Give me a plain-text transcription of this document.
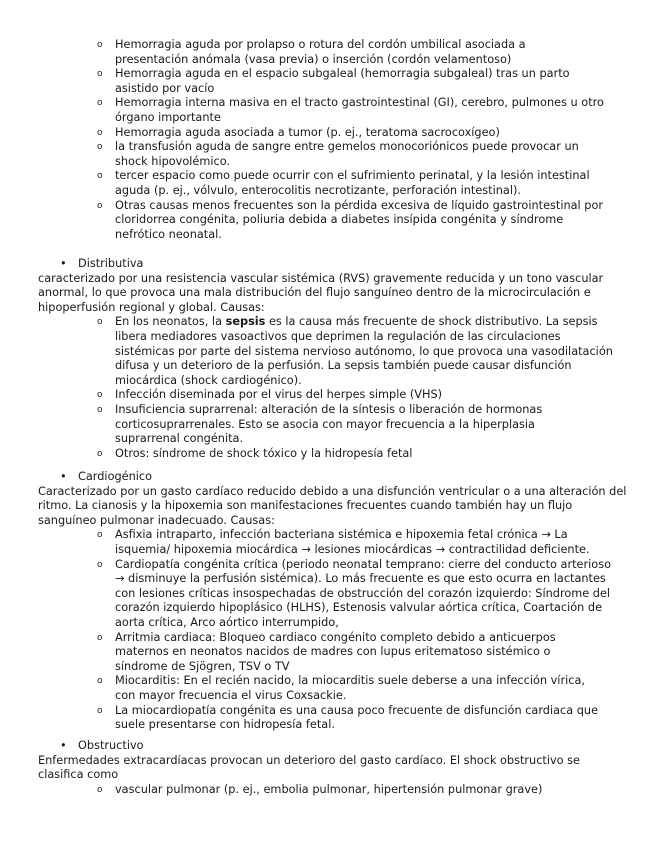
o Hemorragia aguda por prolapso o rotura del cordón umbilical asociada a presentación anómala (vasa previa) o inserción (cordón velamentoso)
o Hemorragia aguda en el espacio subgaleal (hemorragia subgaleal) tras un parto asistido por vacío
o Hemorragia interna masiva en el tracto gastrointestinal (GI), cerebro, pulmones u otro órgano importante
o Hemorragia aguda asociada a tumor (p. ej., teratoma sacrocoxígeo)
o la transfusión aguda de sangre entre gemelos monocoriónicos puede provocar un shock hipovolémico.
o tercer espacio como puede ocurrir con el sufrimiento perinatal, y la lesión intestinal aguda (p. ej., vólvulo, enterocolitis necrotizante, perforación intestinal).
o Otras causas menos frecuentes son la pérdida excesiva de líquido gastrointestinal por cloridorrea congénita, poliuria debida a diabetes insípida congénita y síndrome nefrótico neonatal.
• Distributiva
caracterizado por una resistencia vascular sistémica (RVS) gravemente reducida y un tono vascular anormal, lo que provoca una mala distribución del flujo sanguíneo dentro de la microcirculación e hipoperfusión regional y global. Causas:
o En los neonatos, la sepsis es la causa más frecuente de shock distributivo. La sepsis libera mediadores vasoactivos que deprimen la regulación de las circulaciones sistémicas por parte del sistema nervioso autónomo, lo que provoca una vasodilatación difusa y un deterioro de la perfusión. La sepsis también puede causar disfunción miocárdica (shock cardiogénico).
o Infección diseminada por el virus del herpes simple (VHS)
o Insuficiencia suprarrenal: alteración de la síntesis o liberación de hormonas corticosuprarrenales. Esto se asocia con mayor frecuencia a la hiperplasia suprarrenal congénita.
o Otros: síndrome de shock tóxico y la hidropesía fetal
• Cardiogénico
Caracterizado por un gasto cardíaco reducido debido a una disfunción ventricular o a una alteración del ritmo. La cianosis y la hipoxemia son manifestaciones frecuentes cuando también hay un flujo sanguíneo pulmonar inadecuado. Causas:
o Asfixia intraparto, infección bacteriana sistémica e hipoxemia fetal crónica → La isquemia/ hipoxemia miocárdica → lesiones miocárdicas → contractilidad deficiente.
o Cardiopatía congénita crítica (periodo neonatal temprano: cierre del conducto arterioso → disminuye la perfusión sistémica). Lo más frecuente es que esto ocurra en lactantes con lesiones críticas insospechadas de obstrucción del corazón izquierdo: Síndrome del corazón izquierdo hipoplásico (HLHS), Estenosis valvular aórtica crítica, Coartación de aorta crítica, Arco aórtico interrumpido,
o Arritmia cardiaca: Bloqueo cardiaco congénito completo debido a anticuerpos maternos en neonatos nacidos de madres con lupus eritematoso sistémico o síndrome de Sjögren, TSV o TV
o Miocarditis: En el recién nacido, la miocarditis suele deberse a una infección vírica, con mayor frecuencia el virus Coxsackie.
o La miocardiopatía congénita es una causa poco frecuente de disfunción cardiaca que suele presentarse con hidropesía fetal.
• Obstructivo
Enfermedades extracardíacas provocan un deterioro del gasto cardíaco. El shock obstructivo se clasifica como
o vascular pulmonar (p. ej., embolia pulmonar, hipertensión pulmonar grave)
